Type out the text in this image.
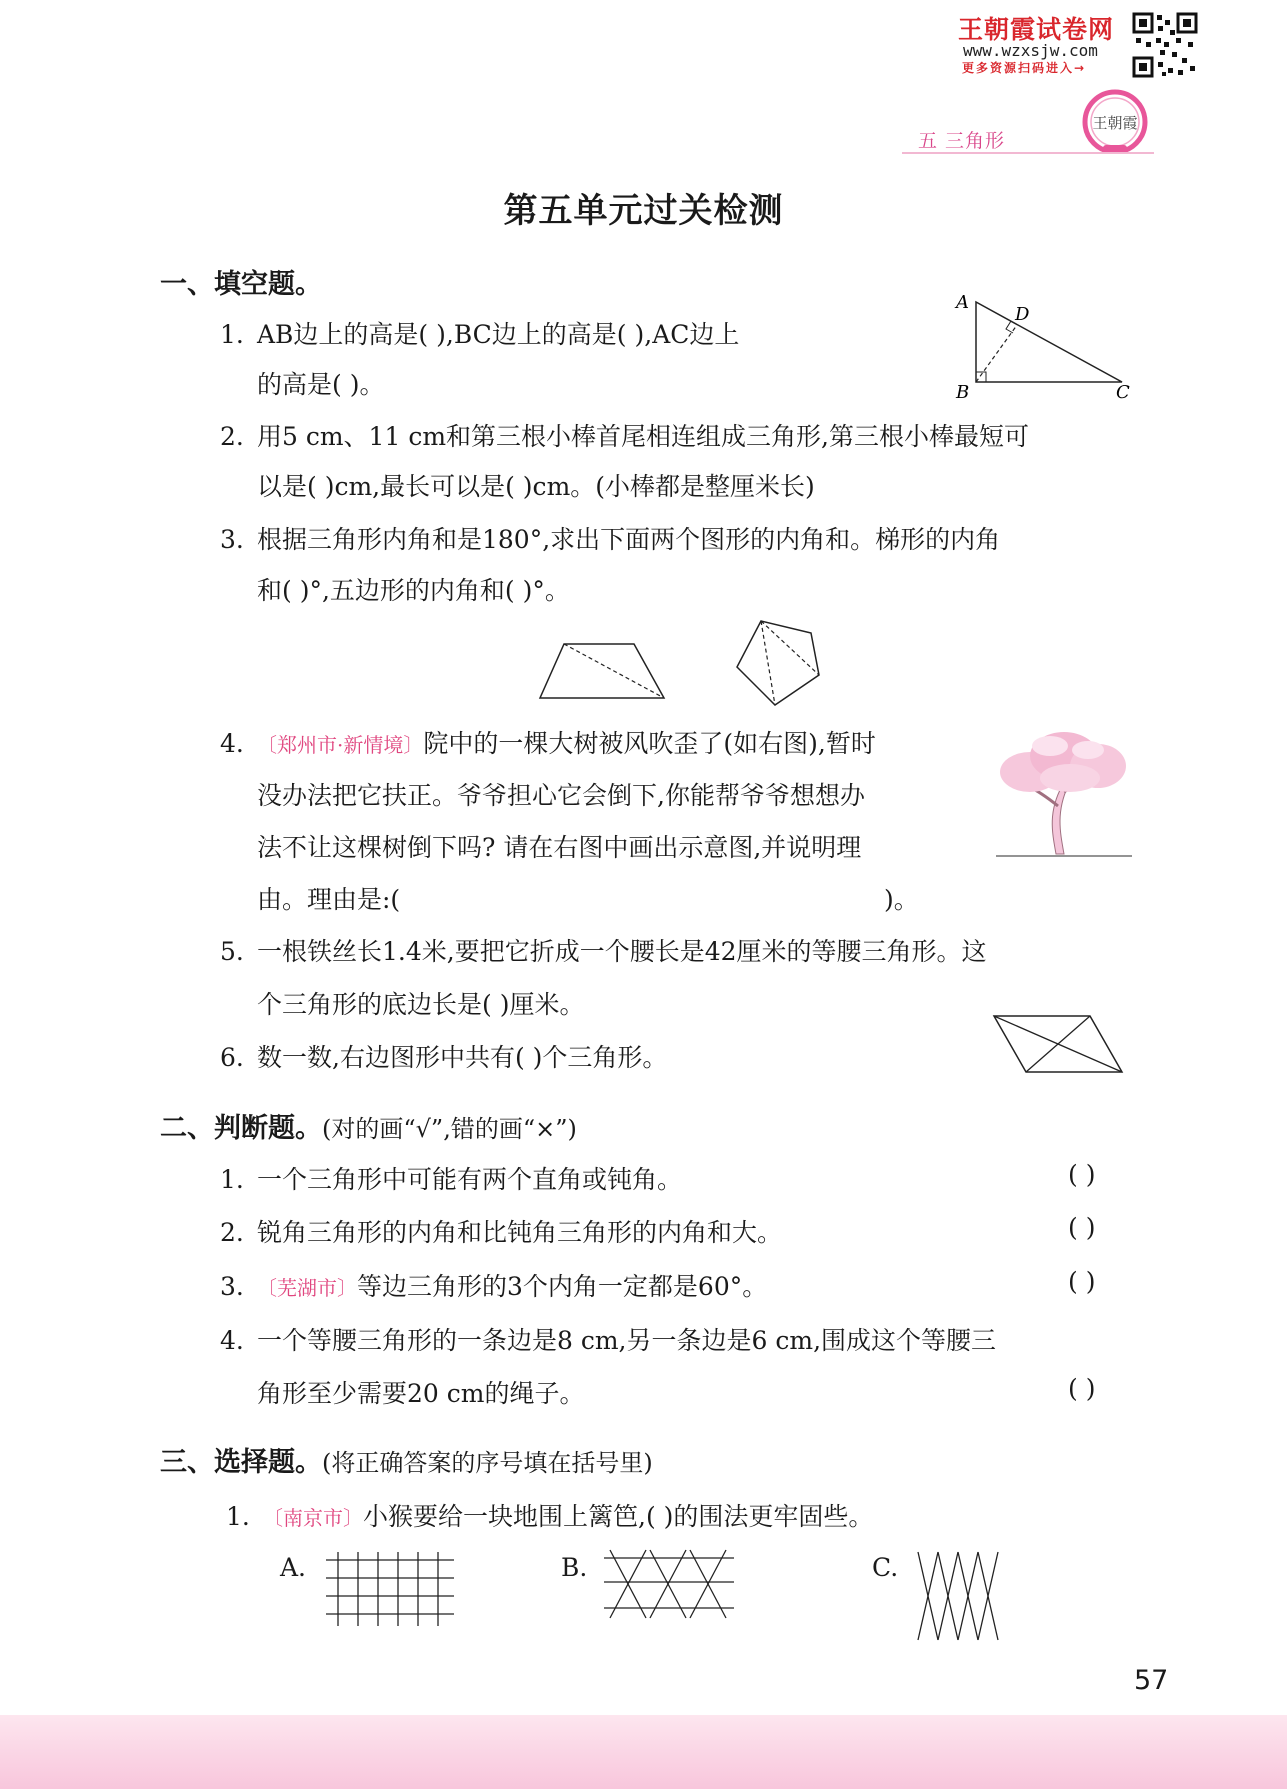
王朝霞试卷网
www.wzxsjw.com
更多资源扫码进入→
王朝霞
五 三角形
第五单元过关检测
一、填空题。
1. AB边上的高是( ),BC边上的高是( ),AC边上
的高是( )。
A
D
B	C
2. 用5 cm、11 cm和第三根小棒首尾相连组成三角形,第三根小棒最短可
以是( )cm,最长可以是( )cm。(小棒都是整厘米长)
3. 根据三角形内角和是180°,求出下面两个图形的内角和。梯形的内角
和( )°,五边形的内角和( )°。
4. 〔郑州市·新情境〕院中的一棵大树被风吹歪了(如右图),暂时
没办法把它扶正。爷爷担心它会倒下,你能帮爷爷想想办
法不让这棵树倒下吗? 请在右图中画出示意图,并说明理
由。理由是:(	)。
5. 一根铁丝长1.4米,要把它折成一个腰长是42厘米的等腰三角形。这
个三角形的底边长是( )厘米。
6. 数一数,右边图形中共有( )个三角形。
二、判断题。(对的画“√”,错的画“×”)
1. 一个三角形中可能有两个直角或钝角。	( )
2. 锐角三角形的内角和比钝角三角形的内角和大。	( )
3. 〔芜湖市〕等边三角形的3个内角一定都是60°。	( )
4. 一个等腰三角形的一条边是8 cm,另一条边是6 cm,围成这个等腰三
角形至少需要20 cm的绳子。	( )
三、选择题。(将正确答案的序号填在括号里)
1. 〔南京市〕小猴要给一块地围上篱笆,( )的围法更牢固些。
A.	B.	C.
57
